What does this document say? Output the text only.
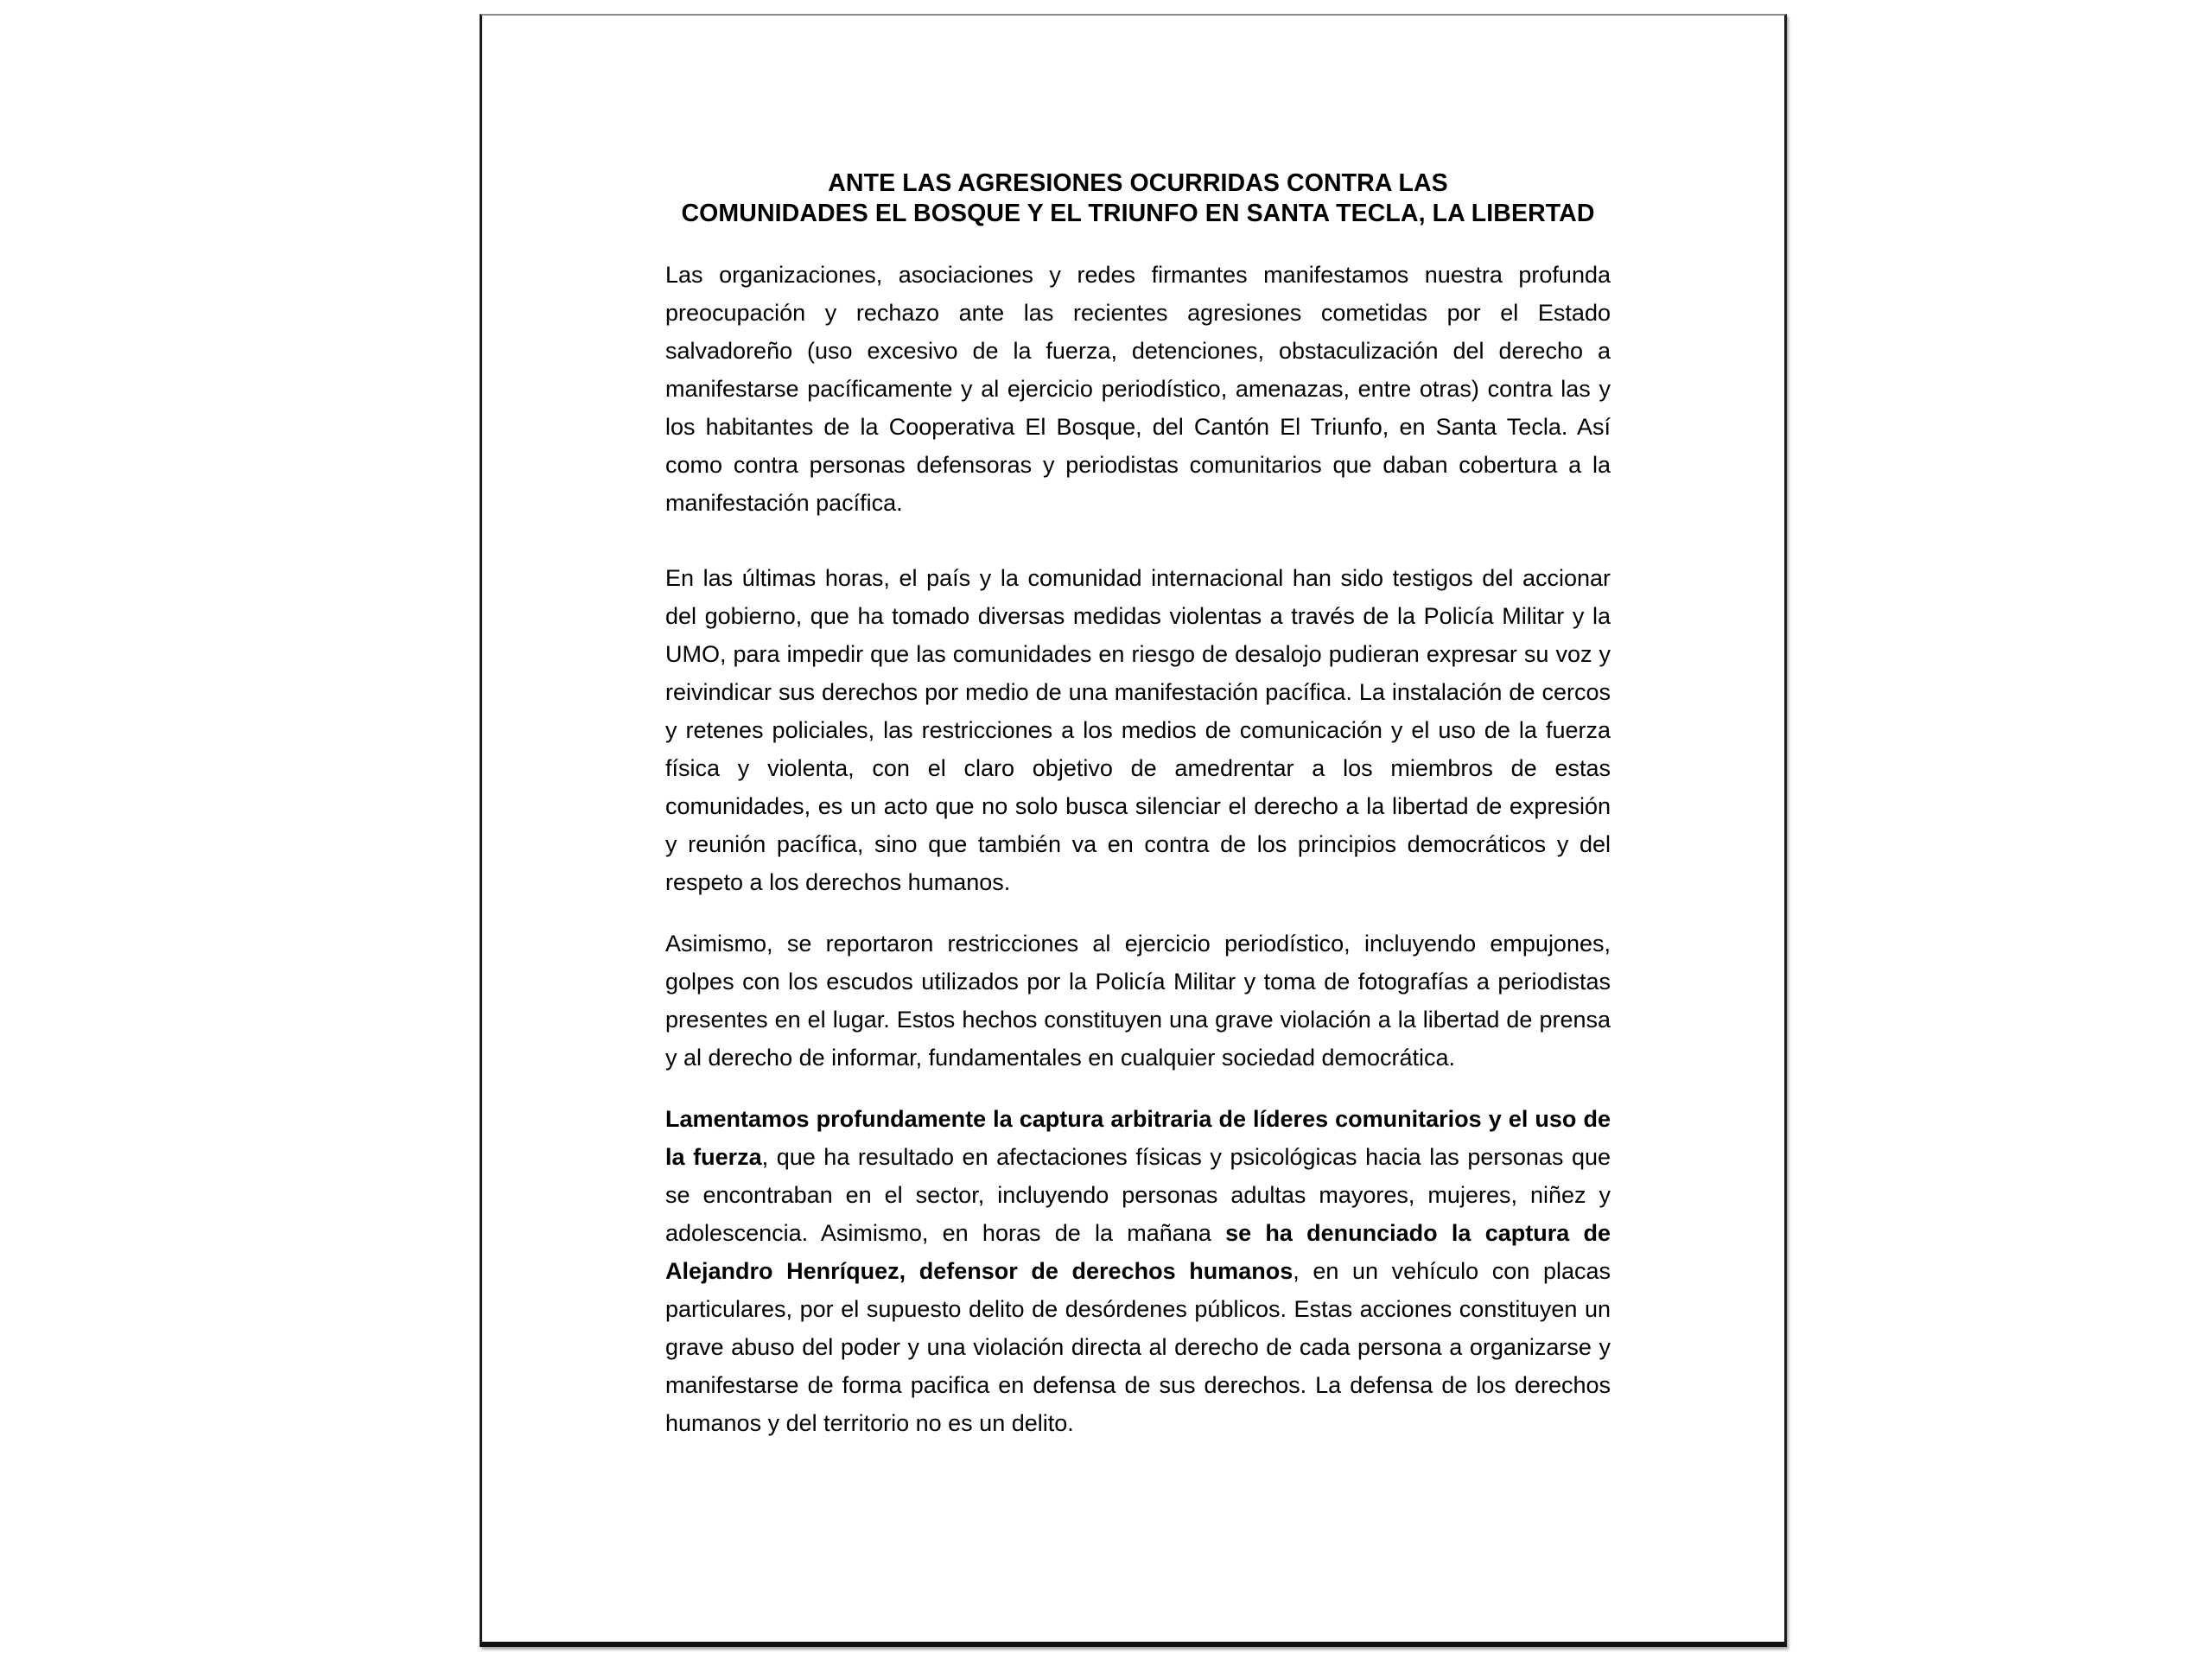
ANTE LAS AGRESIONES OCURRIDAS CONTRA LAS
COMUNIDADES EL BOSQUE Y EL TRIUNFO EN SANTA TECLA, LA LIBERTAD

Las organizaciones, asociaciones y redes firmantes manifestamos nuestra profunda preocupación y rechazo ante las recientes agresiones cometidas por el Estado salvadoreño (uso excesivo de la fuerza, detenciones, obstaculización del derecho a manifestarse pacíficamente y al ejercicio periodístico, amenazas, entre otras) contra las y los habitantes de la Cooperativa El Bosque, del Cantón El Triunfo, en Santa Tecla. Así como contra personas defensoras y periodistas comunitarios que daban cobertura a la manifestación pacífica.

En las últimas horas, el país y la comunidad internacional han sido testigos del accionar del gobierno, que ha tomado diversas medidas violentas a través de la Policía Militar y la UMO, para impedir que las comunidades en riesgo de desalojo pudieran expresar su voz y reivindicar sus derechos por medio de una manifestación pacífica. La instalación de cercos y retenes policiales, las restricciones a los medios de comunicación y el uso de la fuerza física y violenta, con el claro objetivo de amedrentar a los miembros de estas comunidades, es un acto que no solo busca silenciar el derecho a la libertad de expresión y reunión pacífica, sino que también va en contra de los principios democráticos y del respeto a los derechos humanos.

Asimismo, se reportaron restricciones al ejercicio periodístico, incluyendo empujones, golpes con los escudos utilizados por la Policía Militar y toma de fotografías a periodistas presentes en el lugar. Estos hechos constituyen una grave violación a la libertad de prensa y al derecho de informar, fundamentales en cualquier sociedad democrática.

Lamentamos profundamente la captura arbitraria de líderes comunitarios y el uso de la fuerza, que ha resultado en afectaciones físicas y psicológicas hacia las personas que se encontraban en el sector, incluyendo personas adultas mayores, mujeres, niñez y adolescencia. Asimismo, en horas de la mañana se ha denunciado la captura de Alejandro Henríquez, defensor de derechos humanos, en un vehículo con placas particulares, por el supuesto delito de desórdenes públicos. Estas acciones constituyen un grave abuso del poder y una violación directa al derecho de cada persona a organizarse y manifestarse de forma pacifica en defensa de sus derechos. La defensa de los derechos humanos y del territorio no es un delito.
